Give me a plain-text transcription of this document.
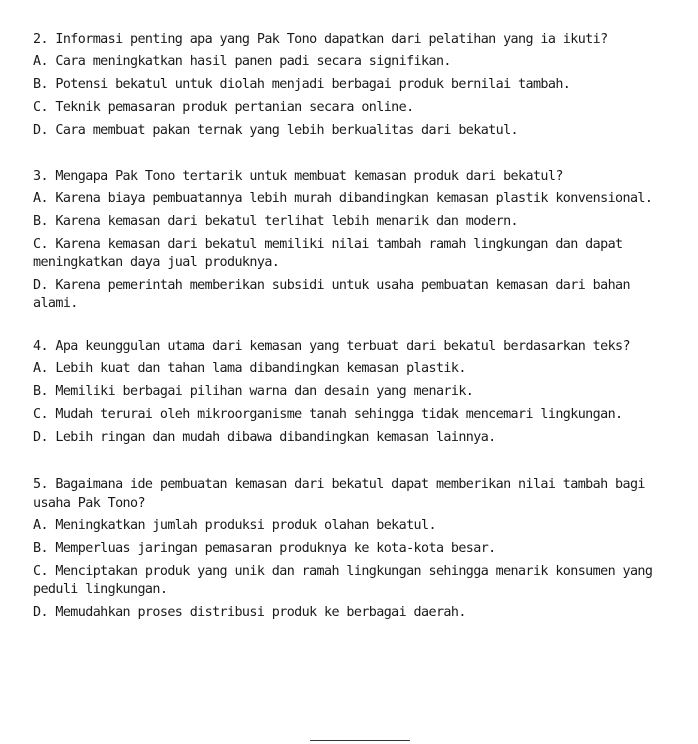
2. Informasi penting apa yang Pak Tono dapatkan dari pelatihan yang ia ikuti?
A. Cara meningkatkan hasil panen padi secara signifikan.
B. Potensi bekatul untuk diolah menjadi berbagai produk bernilai tambah.
C. Teknik pemasaran produk pertanian secara online.
D. Cara membuat pakan ternak yang lebih berkualitas dari bekatul.
3. Mengapa Pak Tono tertarik untuk membuat kemasan produk dari bekatul?
A. Karena biaya pembuatannya lebih murah dibandingkan kemasan plastik konvensional.
B. Karena kemasan dari bekatul terlihat lebih menarik dan modern.
C. Karena kemasan dari bekatul memiliki nilai tambah ramah lingkungan dan dapat meningkatkan daya jual produknya.
D. Karena pemerintah memberikan subsidi untuk usaha pembuatan kemasan dari bahan alami.
4. Apa keunggulan utama dari kemasan yang terbuat dari bekatul berdasarkan teks?
A. Lebih kuat dan tahan lama dibandingkan kemasan plastik.
B. Memiliki berbagai pilihan warna dan desain yang menarik.
C. Mudah terurai oleh mikroorganisme tanah sehingga tidak mencemari lingkungan.
D. Lebih ringan dan mudah dibawa dibandingkan kemasan lainnya.
5. Bagaimana ide pembuatan kemasan dari bekatul dapat memberikan nilai tambah bagi usaha Pak Tono?
A. Meningkatkan jumlah produksi produk olahan bekatul.
B. Memperluas jaringan pemasaran produknya ke kota-kota besar.
C. Menciptakan produk yang unik dan ramah lingkungan sehingga menarik konsumen yang peduli lingkungan.
D. Memudahkan proses distribusi produk ke berbagai daerah.
